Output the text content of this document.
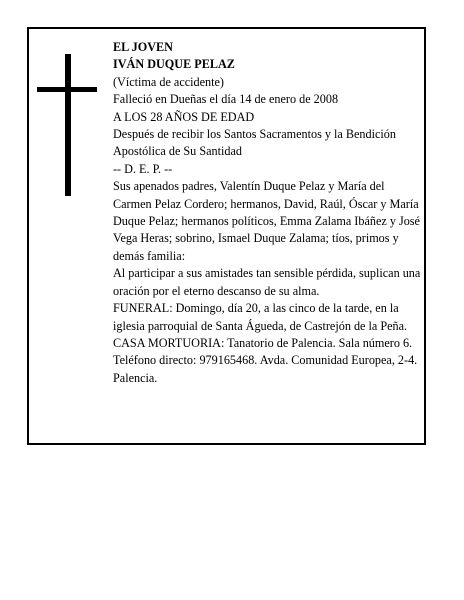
EL JOVEN
IVÁN DUQUE PELAZ
(Víctima de accidente)
Falleció en Dueñas el día 14 de enero de 2008
A LOS 28 AÑOS DE EDAD
Después de recibir los Santos Sacramentos y la Bendición Apostólica de Su Santidad
-- D. E. P. --
Sus apenados padres, Valentín Duque Pelaz y María del Carmen Pelaz Cordero; hermanos, David, Raúl, Óscar y María Duque Pelaz; hermanos políticos, Emma Zalama Ibáñez y José Vega Heras; sobrino, Ismael Duque Zalama; tíos, primos y demás familia:
Al participar a sus amistades tan sensible pérdida, suplican una oración por el eterno descanso de su alma.
FUNERAL: Domingo, día 20, a las cinco de la tarde, en la iglesia parroquial de Santa Águeda, de Castrejón de la Peña.
CASA MORTUORIA: Tanatorio de Palencia. Sala número 6. Teléfono directo: 979165468. Avda. Comunidad Europea, 2-4. Palencia.
